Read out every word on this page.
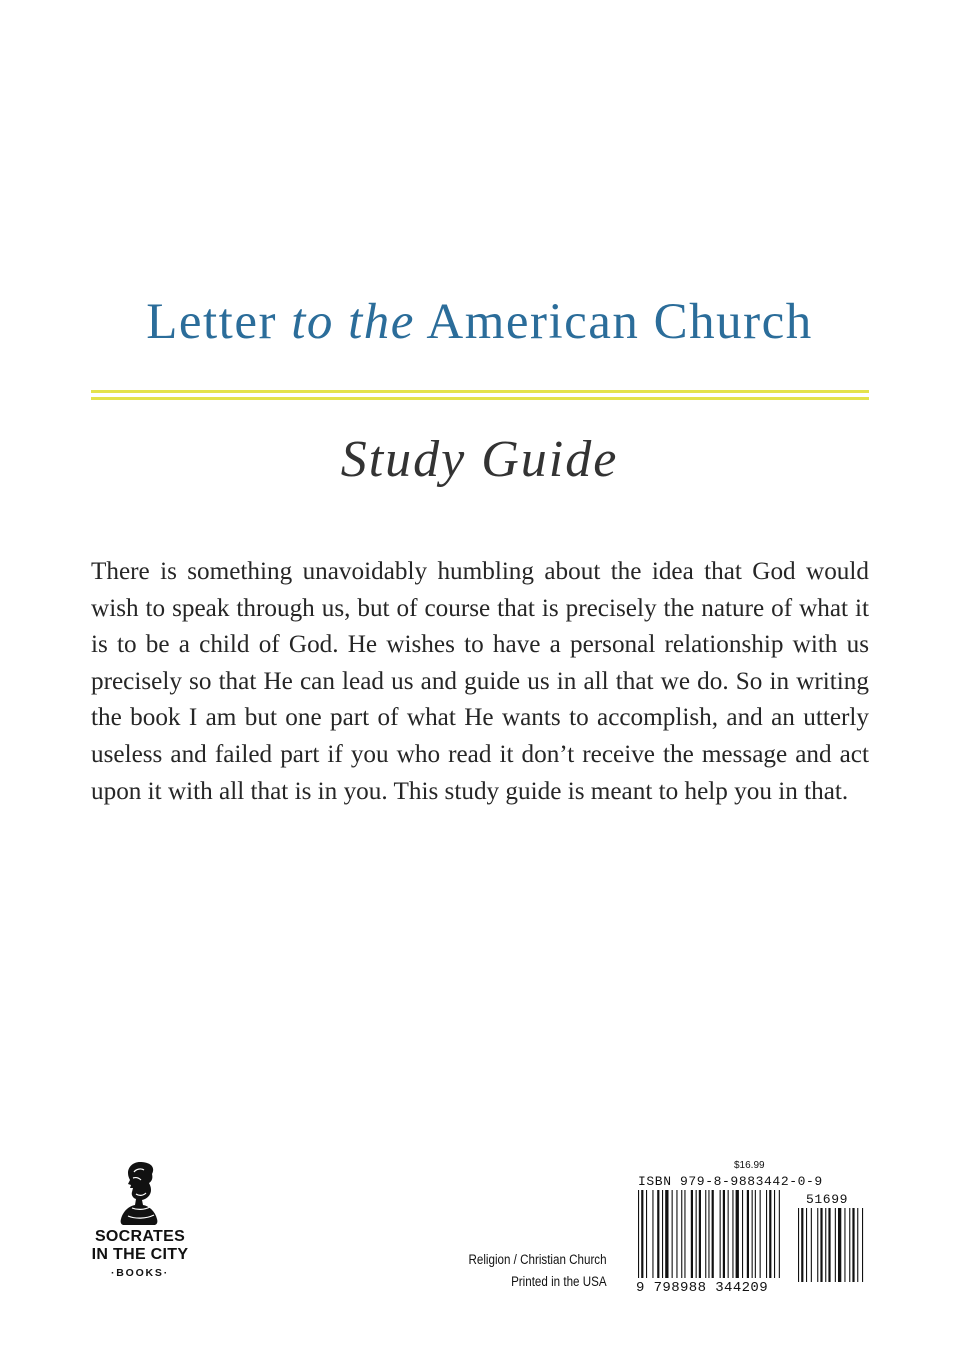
Letter to the American Church
Study Guide
There is something unavoidably humbling about the idea that God would wish to speak through us, but of course that is precisely the nature of what it is to be a child of God. He wishes to have a personal relationship with us precisely so that He can lead us and guide us in all that we do. So in writing the book I am but one part of what He wants to accomplish, and an utterly useless and failed part if you who read it don’t receive the message and act upon it with all that is in you. This study guide is meant to help you in that.
SOCRATES
IN THE CITY
·BOOKS·
Religion / Christian Church
Printed in the USA
$16.99
ISBN 979-8-9883442-0-9
51699
9 798988 344209
